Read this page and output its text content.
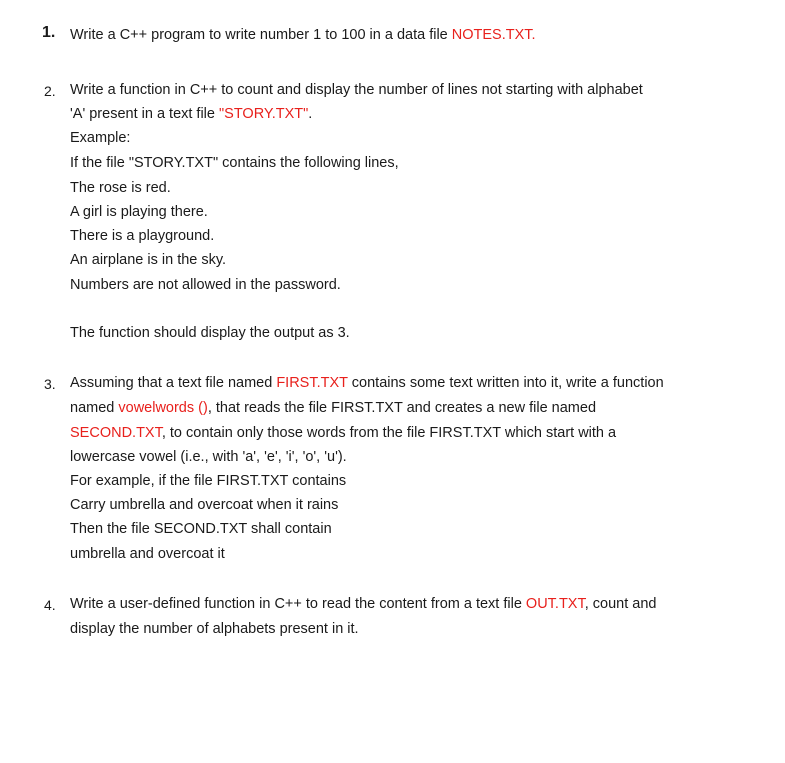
1. Write a C++ program to write number 1 to 100 in a data file NOTES.TXT.
2. Write a function in C++ to count and display the number of lines not starting with alphabet
'A' present in a text file "STORY.TXT".
Example:
If the file "STORY.TXT" contains the following lines,
The rose is red.
A girl is playing there.
There is a playground.
An airplane is in the sky.
Numbers are not allowed in the password.
The function should display the output as 3.
3. Assuming that a text file named FIRST.TXT contains some text written into it, write a function
named vowelwords (), that reads the file FIRST.TXT and creates a new file named
SECOND.TXT, to contain only those words from the file FIRST.TXT which start with a
lowercase vowel (i.e., with 'a', 'e', 'i', 'o', 'u').
For example, if the file FIRST.TXT contains
Carry umbrella and overcoat when it rains
Then the file SECOND.TXT shall contain
umbrella and overcoat it
4. Write a user-defined function in C++ to read the content from a text file OUT.TXT, count and
display the number of alphabets present in it.
